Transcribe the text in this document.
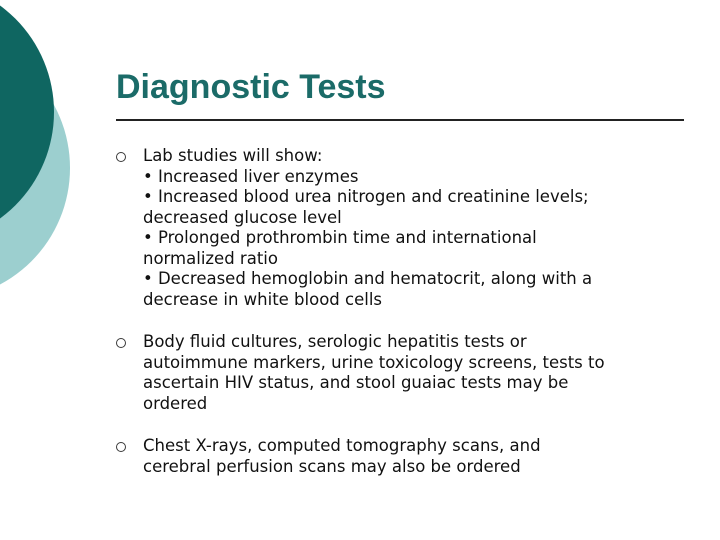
Diagnostic Tests
Lab studies will show:
• Increased liver enzymes
• Increased blood urea nitrogen and creatinine levels;
decreased glucose level
• Prolonged prothrombin time and international
normalized ratio
• Decreased hemoglobin and hematocrit, along with a
decrease in white blood cells
Body fluid cultures, serologic hepatitis tests or
autoimmune markers, urine toxicology screens, tests to
ascertain HIV status, and stool guaiac tests may be
ordered
Chest X-rays, computed tomography scans, and
cerebral perfusion scans may also be ordered
